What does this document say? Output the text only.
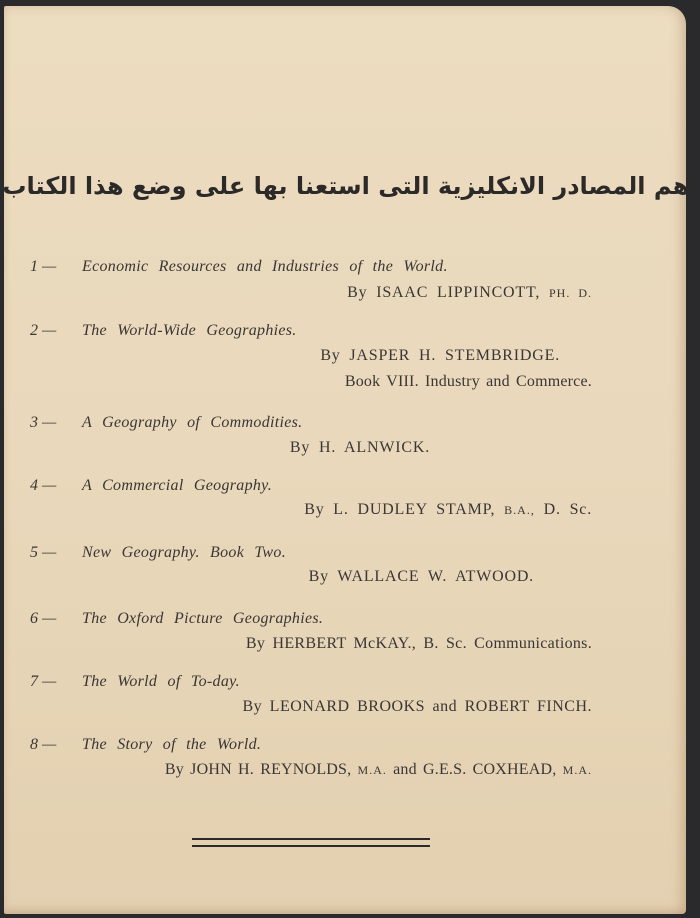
اهم المصادر الانكليزية التى استعنا بها على وضع هذا الكتاب
1 — Economic Resources and Industries of the World.
By ISAAC LIPPINCOTT, PH. D.
2 — The World-Wide Geographies.
By JASPER H. STEMBRIDGE.
Book VIII. Industry and Commerce.
3 — A Geography of Commodities.
By H. ALNWICK.
4 — A Commercial Geography.
By L. DUDLEY STAMP, B.A., D. Sc.
5 — New Geography. Book Two.
By WALLACE W. ATWOOD.
6 — The Oxford Picture Geographies.
By HERBERT McKAY., B. Sc. Communications.
7 — The World of To-day.
By LEONARD BROOKS and ROBERT FINCH.
8 — The Story of the World.
By JOHN H. REYNOLDS, M.A. and G.E.S. COXHEAD, M.A.
